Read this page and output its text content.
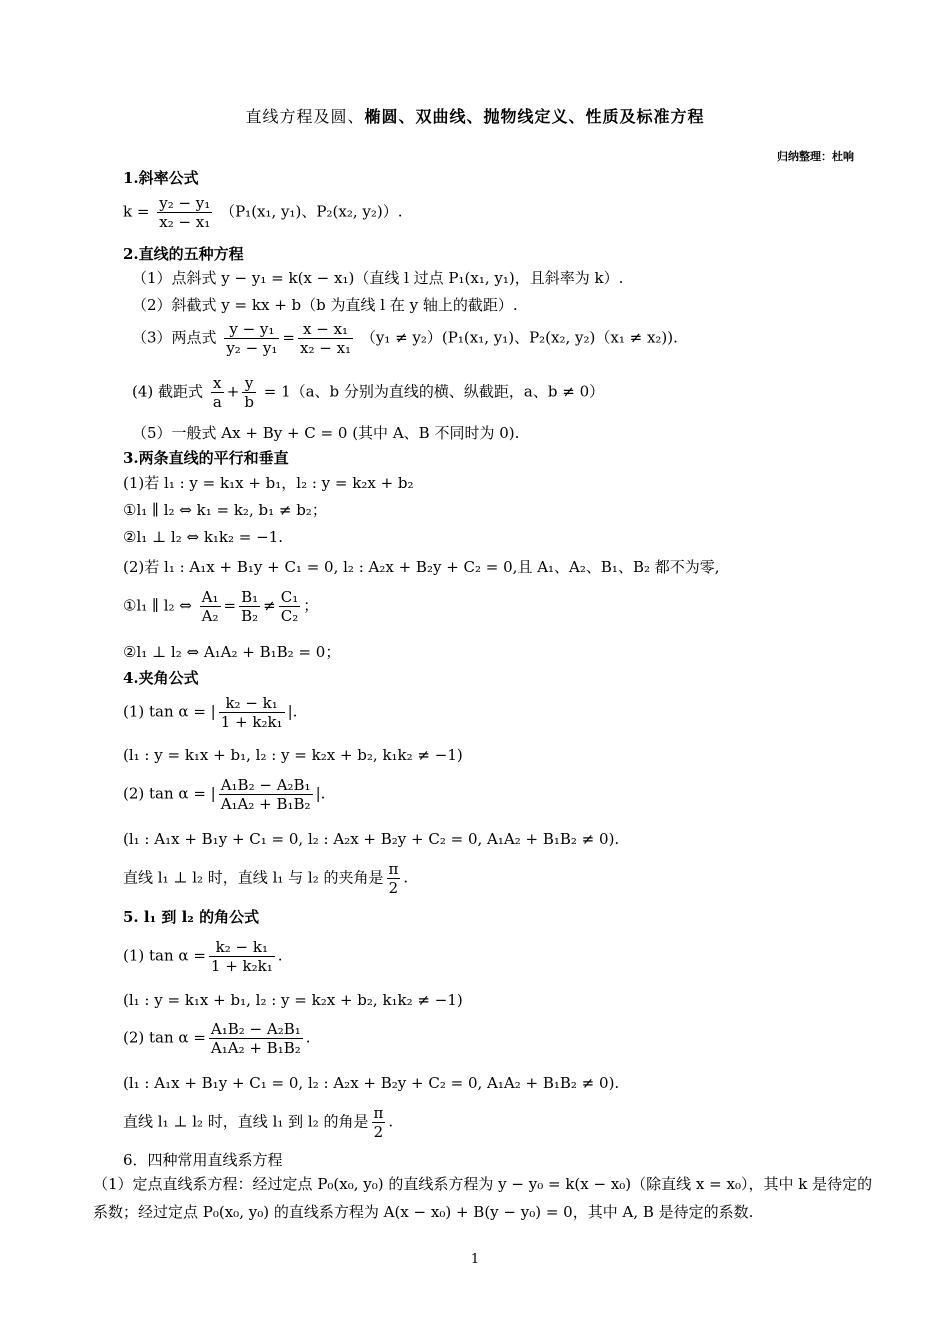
直线方程及圆、椭圆、双曲线、抛物线定义、性质及标准方程
归纳整理：杜响
1.斜率公式
$k = \frac{\text{y₂ − y₁}}{\text{x₂ − x₁}} (P_1(x_1$, y₁)、P₂(x₂, y₂)）.
2.直线的五种方程
（1）点斜式 y − y₁ = k(x − x₁)（直线 l 过点 P₁(x₁, y₁)，且斜率为 k）.
（2）斜截式 y = kx + b（b 为直线 l 在 y 轴上的截距）.
（3）两点式 $\frac{\text{y − y₁}}{\text{y₂ − y₁}} = \frac{\text{x − x₁}}{\text{x₂ − x₁}} (y_1 \ne y_2)(P_1(x_1$, y₁)、P₂(x₂, y₂)（x₁ ≠ x₂)).
(4) 截距式 $\frac{x}{a} + \frac{y}{b} = 1(a$、b 分别为直线的横、纵截距，a、b ≠ 0）
（5）一般式 Ax + By + C = 0 (其中 A、B 不同时为 0).
3.两条直线的平行和垂直
(1)若 l₁ : y = k₁x + b₁，l₂ : y = k₂x + b₂
①l₁ ∥ l₂ ⇔ k₁ = k₂, b₁ ≠ b₂；
②l₁ ⊥ l₂ ⇔ k₁k₂ = −1.
(2)若 l₁ : A₁x + B₁y + C₁ = 0, l₂ : A₂x + B₂y + C₂ = 0,且 A₁、A₂、B₁、B₂ 都不为零,
①l₁ ∥ l₂ ⇔ $\frac{\text{A₁}}{\text{A₂}} = \frac{\text{B₁}}{\text{B₂}} \ne \frac{\text{C₁}}{\text{C₂}}$ ；
②l₁ ⊥ l₂ ⇔ A₁A₂ + B₁B₂ = 0；
4.夹角公式
(1) tan α = | $\frac{\text{k₂ − k₁}}{\text{1 + k₂k₁}}$ |.
(l₁ : y = k₁x + b₁, l₂ : y = k₂x + b₂, k₁k₂ ≠ −1)
(2) tan α = | $\frac{\text{A₁B₂ − A₂B₁}}{\text{A₁A₂ + B₁B₂}}$ |.
(l₁ : A₁x + B₁y + C₁ = 0, l₂ : A₂x + B₂y + C₂ = 0, A₁A₂ + B₁B₂ ≠ 0).
直线 l₁ ⊥ l₂ 时，直线 l₁ 与 l₂ 的夹角是 $\frac{\pi}{2}$ .
5. l₁ 到 l₂ 的角公式
(1) $\tan \alpha = \frac{\text{k₂ − k₁}}{\text{1 + k₂k₁}}$ .
(l₁ : y = k₁x + b₁, l₂ : y = k₂x + b₂, k₁k₂ ≠ −1)
(2) $\tan \alpha = \frac{\text{A₁B₂ − A₂B₁}}{\text{A₁A₂ + B₁B₂}}$ .
(l₁ : A₁x + B₁y + C₁ = 0, l₂ : A₂x + B₂y + C₂ = 0, A₁A₂ + B₁B₂ ≠ 0).
直线 l₁ ⊥ l₂ 时，直线 l₁ 到 l₂ 的角是 $\frac{\pi}{2}$ .
6．四种常用直线系方程
（1）定点直线系方程：经过定点 P₀(x₀, y₀) 的直线系方程为 y − y₀ = k(x − x₀)（除直线 x = x₀），其中 k 是待定的系数；经过定点 P₀(x₀, y₀) 的直线系方程为 A(x − x₀) + B(y − y₀) = 0，其中 A, B 是待定的系数.
1
